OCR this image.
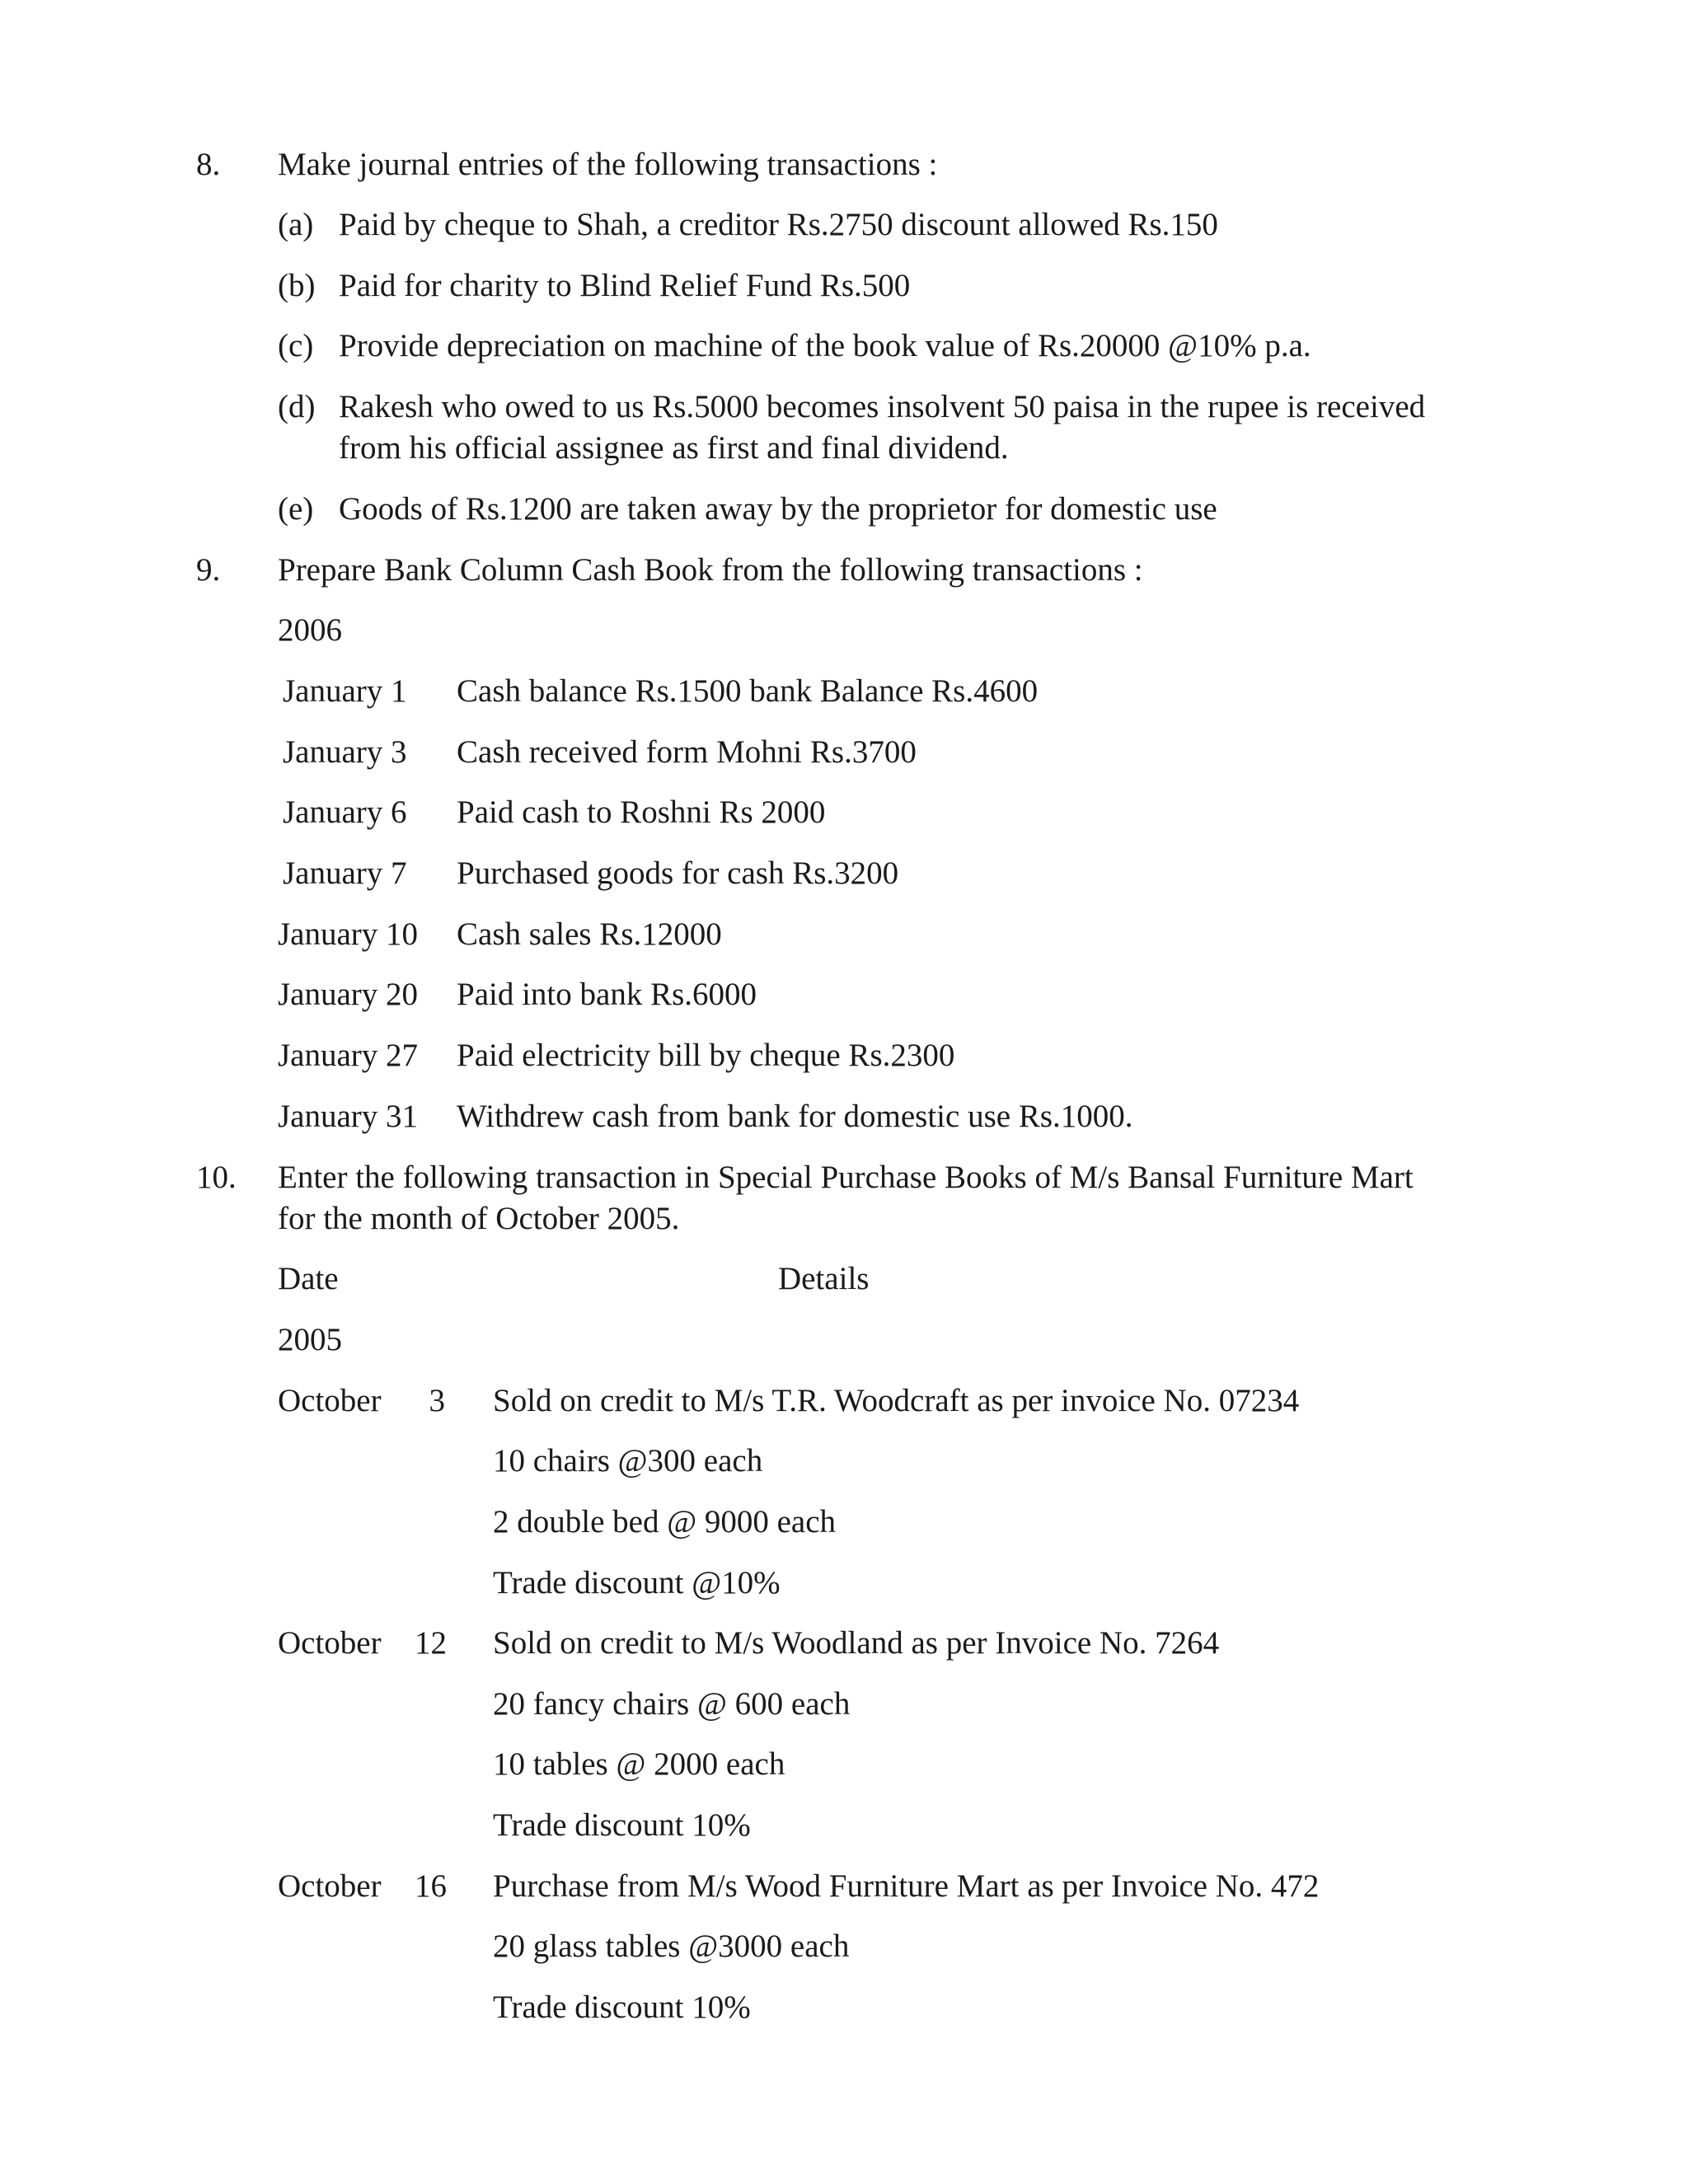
8. Make journal entries of the following transactions :
(a) Paid by cheque to Shah, a creditor Rs.2750 discount allowed Rs.150
(b) Paid for charity to Blind Relief Fund Rs.500
(c) Provide depreciation on machine of the book value of Rs.20000 @10% p.a.
(d) Rakesh who owed to us Rs.5000 becomes insolvent 50 paisa in the rupee is received
from his official assignee as first and final dividend.
(e) Goods of Rs.1200 are taken away by the proprietor for domestic use
9. Prepare Bank Column Cash Book from the following transactions :
2006
January 1 Cash balance Rs.1500 bank Balance Rs.4600
January 3 Cash received form Mohni Rs.3700
January 6 Paid cash to Roshni Rs 2000
January 7 Purchased goods for cash Rs.3200
January 10 Cash sales Rs.12000
January 20 Paid into bank Rs.6000
January 27 Paid electricity bill by cheque Rs.2300
January 31 Withdrew cash from bank for domestic use Rs.1000.
10. Enter the following transaction in Special Purchase Books of M/s Bansal Furniture Mart
for the month of October 2005.
Date	Details
2005
October 3 Sold on credit to M/s T.R. Woodcraft as per invoice No. 07234
10 chairs @300 each
2 double bed @ 9000 each
Trade discount @10%
October 12 Sold on credit to M/s Woodland as per Invoice No. 7264
20 fancy chairs @ 600 each
10 tables @ 2000 each
Trade discount 10%
October 16 Purchase from M/s Wood Furniture Mart as per Invoice No. 472
20 glass tables @3000 each
Trade discount 10%
